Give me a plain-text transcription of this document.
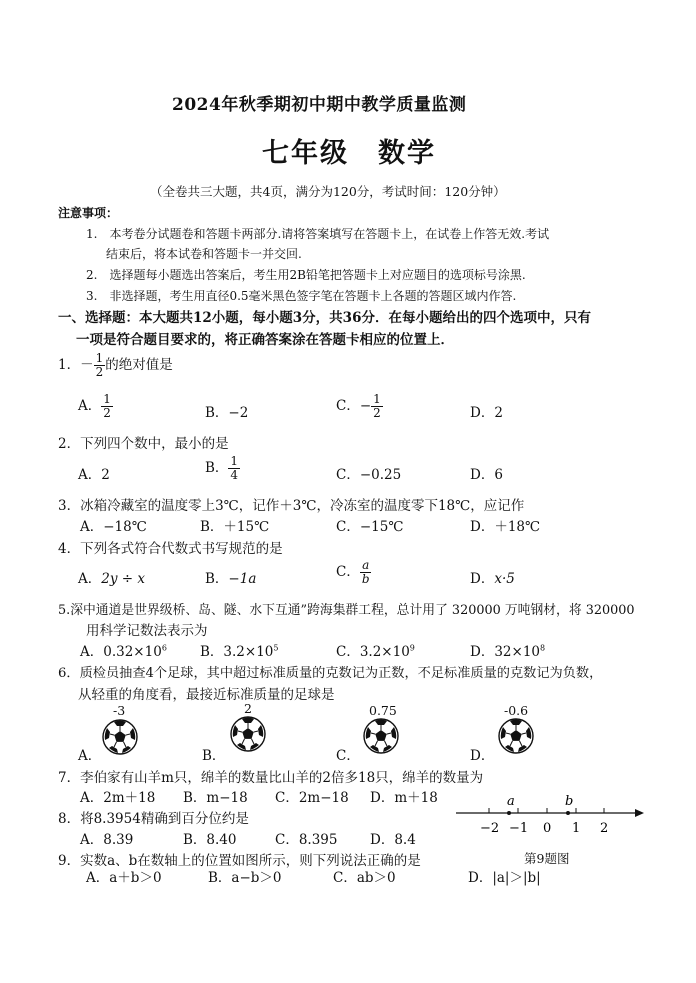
2024年秋季期初中期中教学质量监测
七年级　数学
（全卷共三大题，共4页，满分为120分，考试时间：120分钟）
注意事项：
1.　本考卷分试题卷和答题卡两部分.请将答案填写在答题卡上，在试卷上作答无效.考试
结束后，将本试卷和答题卡一并交回.
2.　选择题每小题选出答案后，考生用2B铅笔把答题卡上对应题目的选项标号涂黑.
3.　非选择题，考生用直径0.5毫米黑色签字笔在答题卡上各题的答题区域内作答.
一、选择题：本大题共12小题，每小题3分，共36分．在每小题给出的四个选项中，只有
一项是符合题目要求的，将正确答案涂在答题卡相应的位置上．
1．－ $\frac{1}{2}$ 的绝对值是
A． $\frac{1}{2}$	B．−2	C．− $\frac{1}{2}$	D．2
2．下列四个数中，最小的是
A．2	B． $\frac{1}{4}$	C．−0.25	D．6
3．冰箱冷藏室的温度零上3℃，记作＋3℃，冷冻室的温度零下18℃，应记作
A．−18℃	B．＋15℃	C．−15℃	D．＋18℃
4．下列各式符合代数式书写规范的是
A．2y ÷ x	B．−1a	C． $\frac{a}{b}$	D．x·5
5.深中通道是世界级桥、岛、隧、水下互通”跨海集群工程，总计用了 320000 万吨钢材，将 320000
用科学记数法表示为
A．$0.32\times 10^6$ B．$3.2\times 10^5$	C．$3.2\times 10^9$	D．$32\times 10^8$
6．质检员抽查4个足球，其中超过标准质量的克数记为正数，不足标准质量的克数记为负数，
从轻重的角度看，最接近标准质量的足球是
A．
-3
B．
2
C．
0.75
D．
-0.6
7．李伯家有山羊m只，绵羊的数量比山羊的2倍多18只，绵羊的数量为
A．2m＋18 B．m−18 C．2m−18 D．m＋18
8．将8.3954精确到百分位约是
A．8.39	B．8.40	C．8.395 D．8.4
a	b
−2 −1 0 1 2
9．实数a、b在数轴上的位置如图所示，则下列说法正确的是	第9题图
A．a＋b＞0	B．a−b＞0	C．ab＞0	D．|a|＞|b|
